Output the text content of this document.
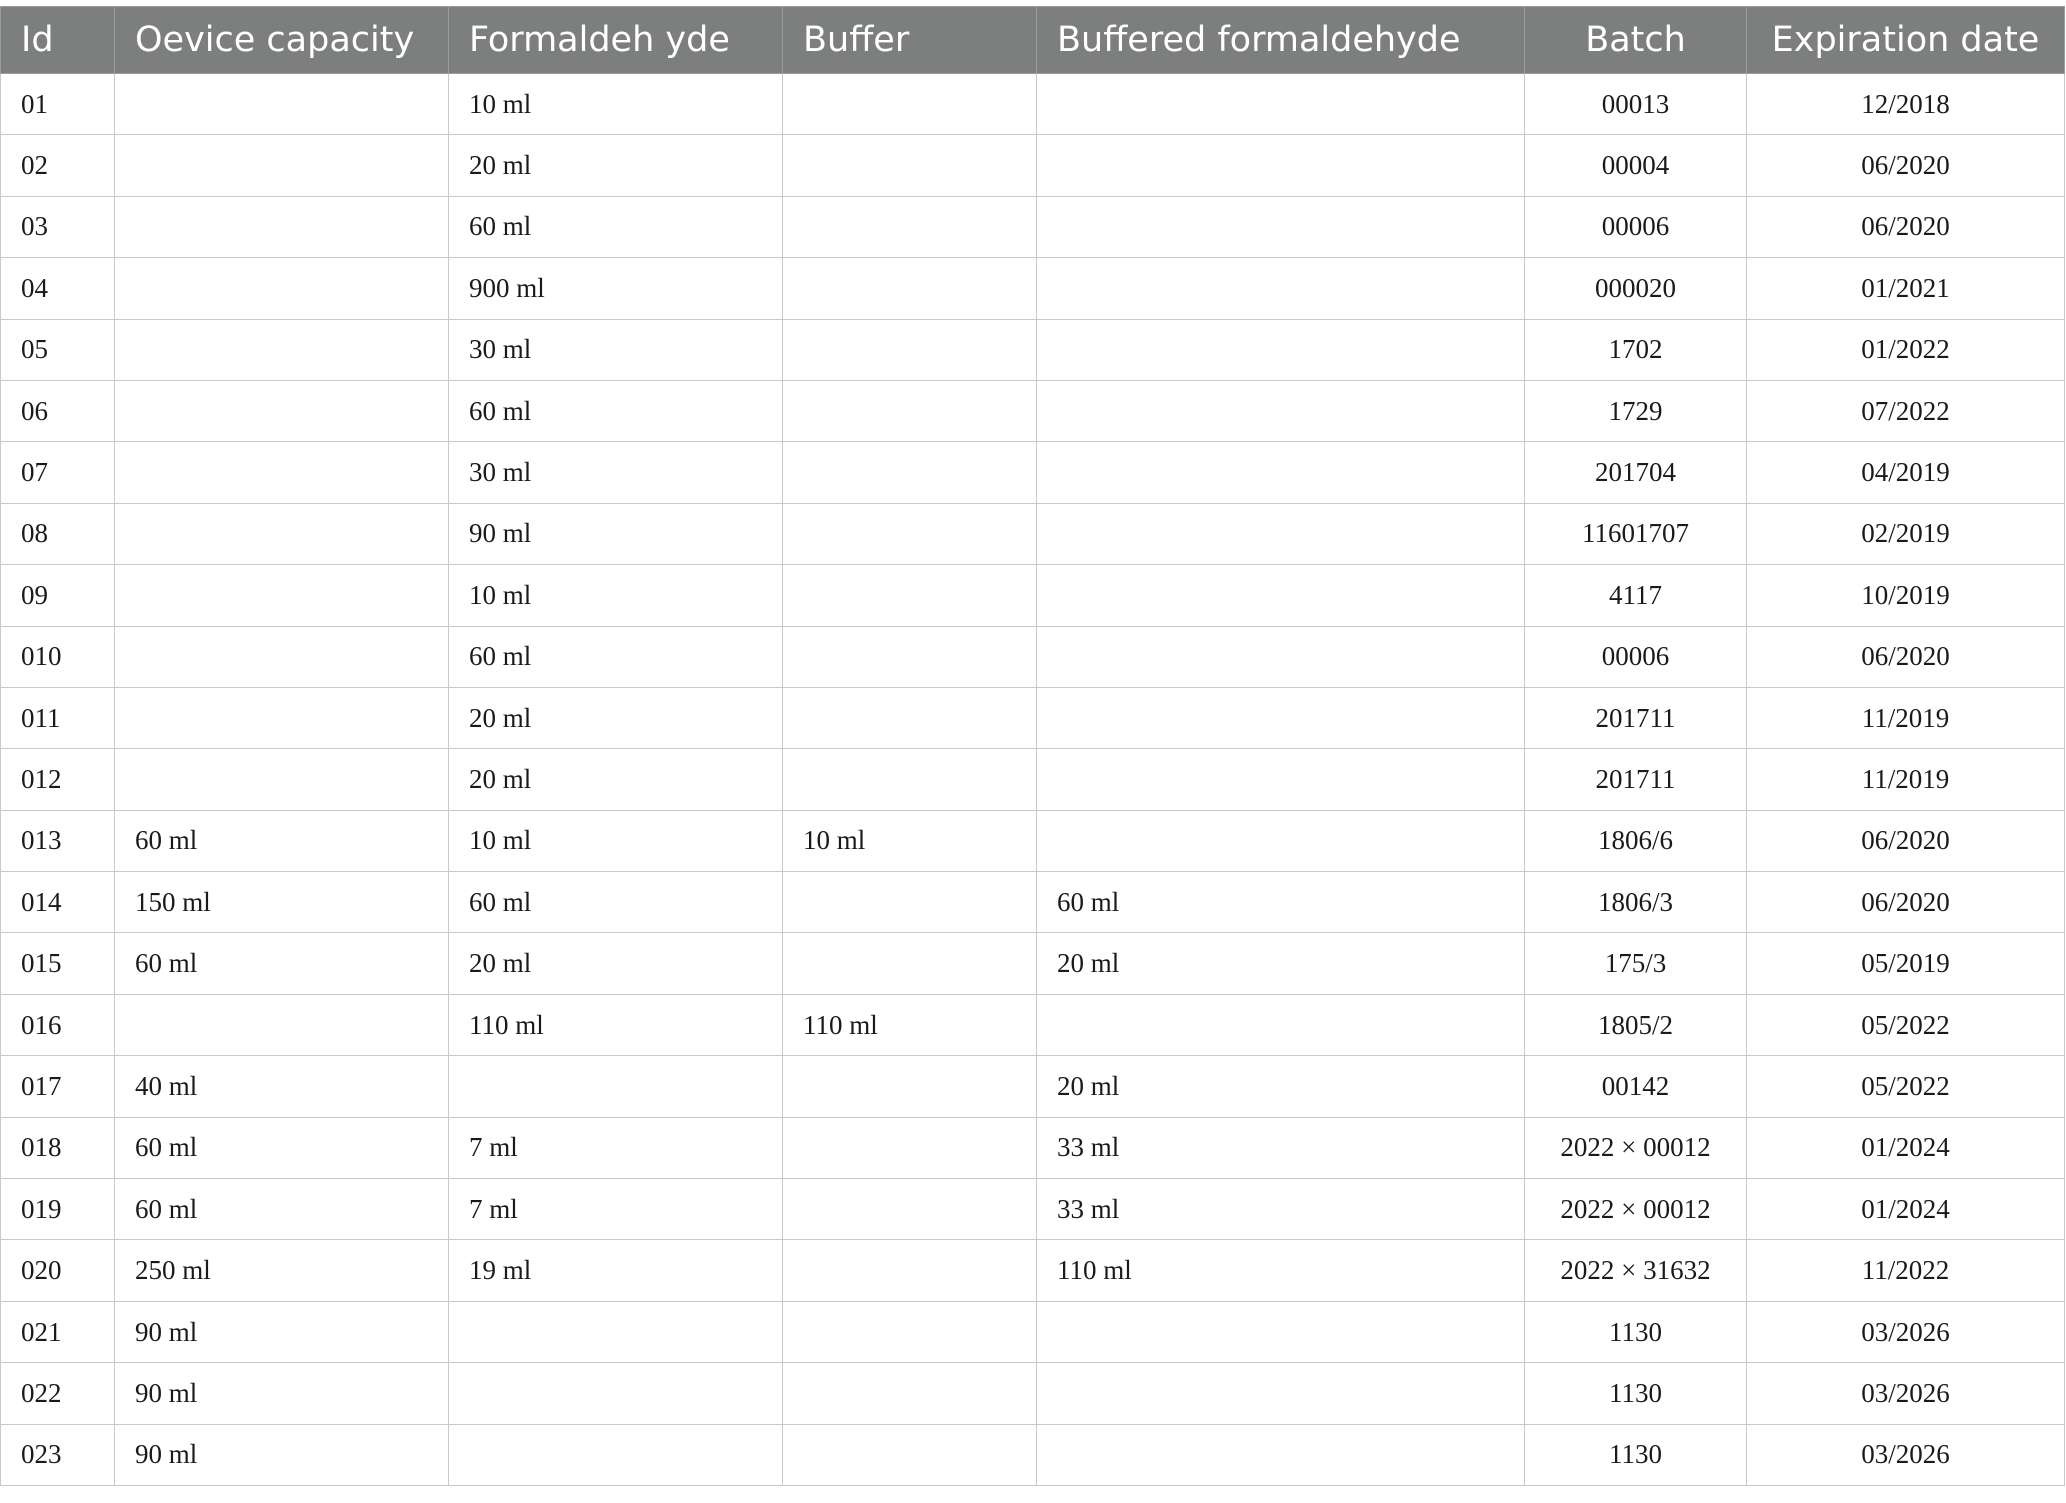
Id	Oevice capacity	Formaldeh yde	Buffer	Buffered formaldehyde	Batch	Expiration date
01		10 ml			00013	12/2018
02		20 ml			00004	06/2020
03		60 ml			00006	06/2020
04		900 ml			000020	01/2021
05		30 ml			1702	01/2022
06		60 ml			1729	07/2022
07		30 ml			201704	04/2019
08		90 ml			11601707	02/2019
09		10 ml			4117	10/2019
010		60 ml			00006	06/2020
011		20 ml			201711	11/2019
012		20 ml			201711	11/2019
013	60 ml	10 ml	10 ml		1806/6	06/2020
014	150 ml	60 ml		60 ml	1806/3	06/2020
015	60 ml	20 ml		20 ml	175/3	05/2019
016		110 ml	110 ml		1805/2	05/2022
017	40 ml			20 ml	00142	05/2022
018	60 ml	7 ml		33 ml	2022 × 00012	01/2024
019	60 ml	7 ml		33 ml	2022 × 00012	01/2024
020	250 ml	19 ml		110 ml	2022 × 31632	11/2022
021	90 ml				1130	03/2026
022	90 ml				1130	03/2026
023	90 ml				1130	03/2026
